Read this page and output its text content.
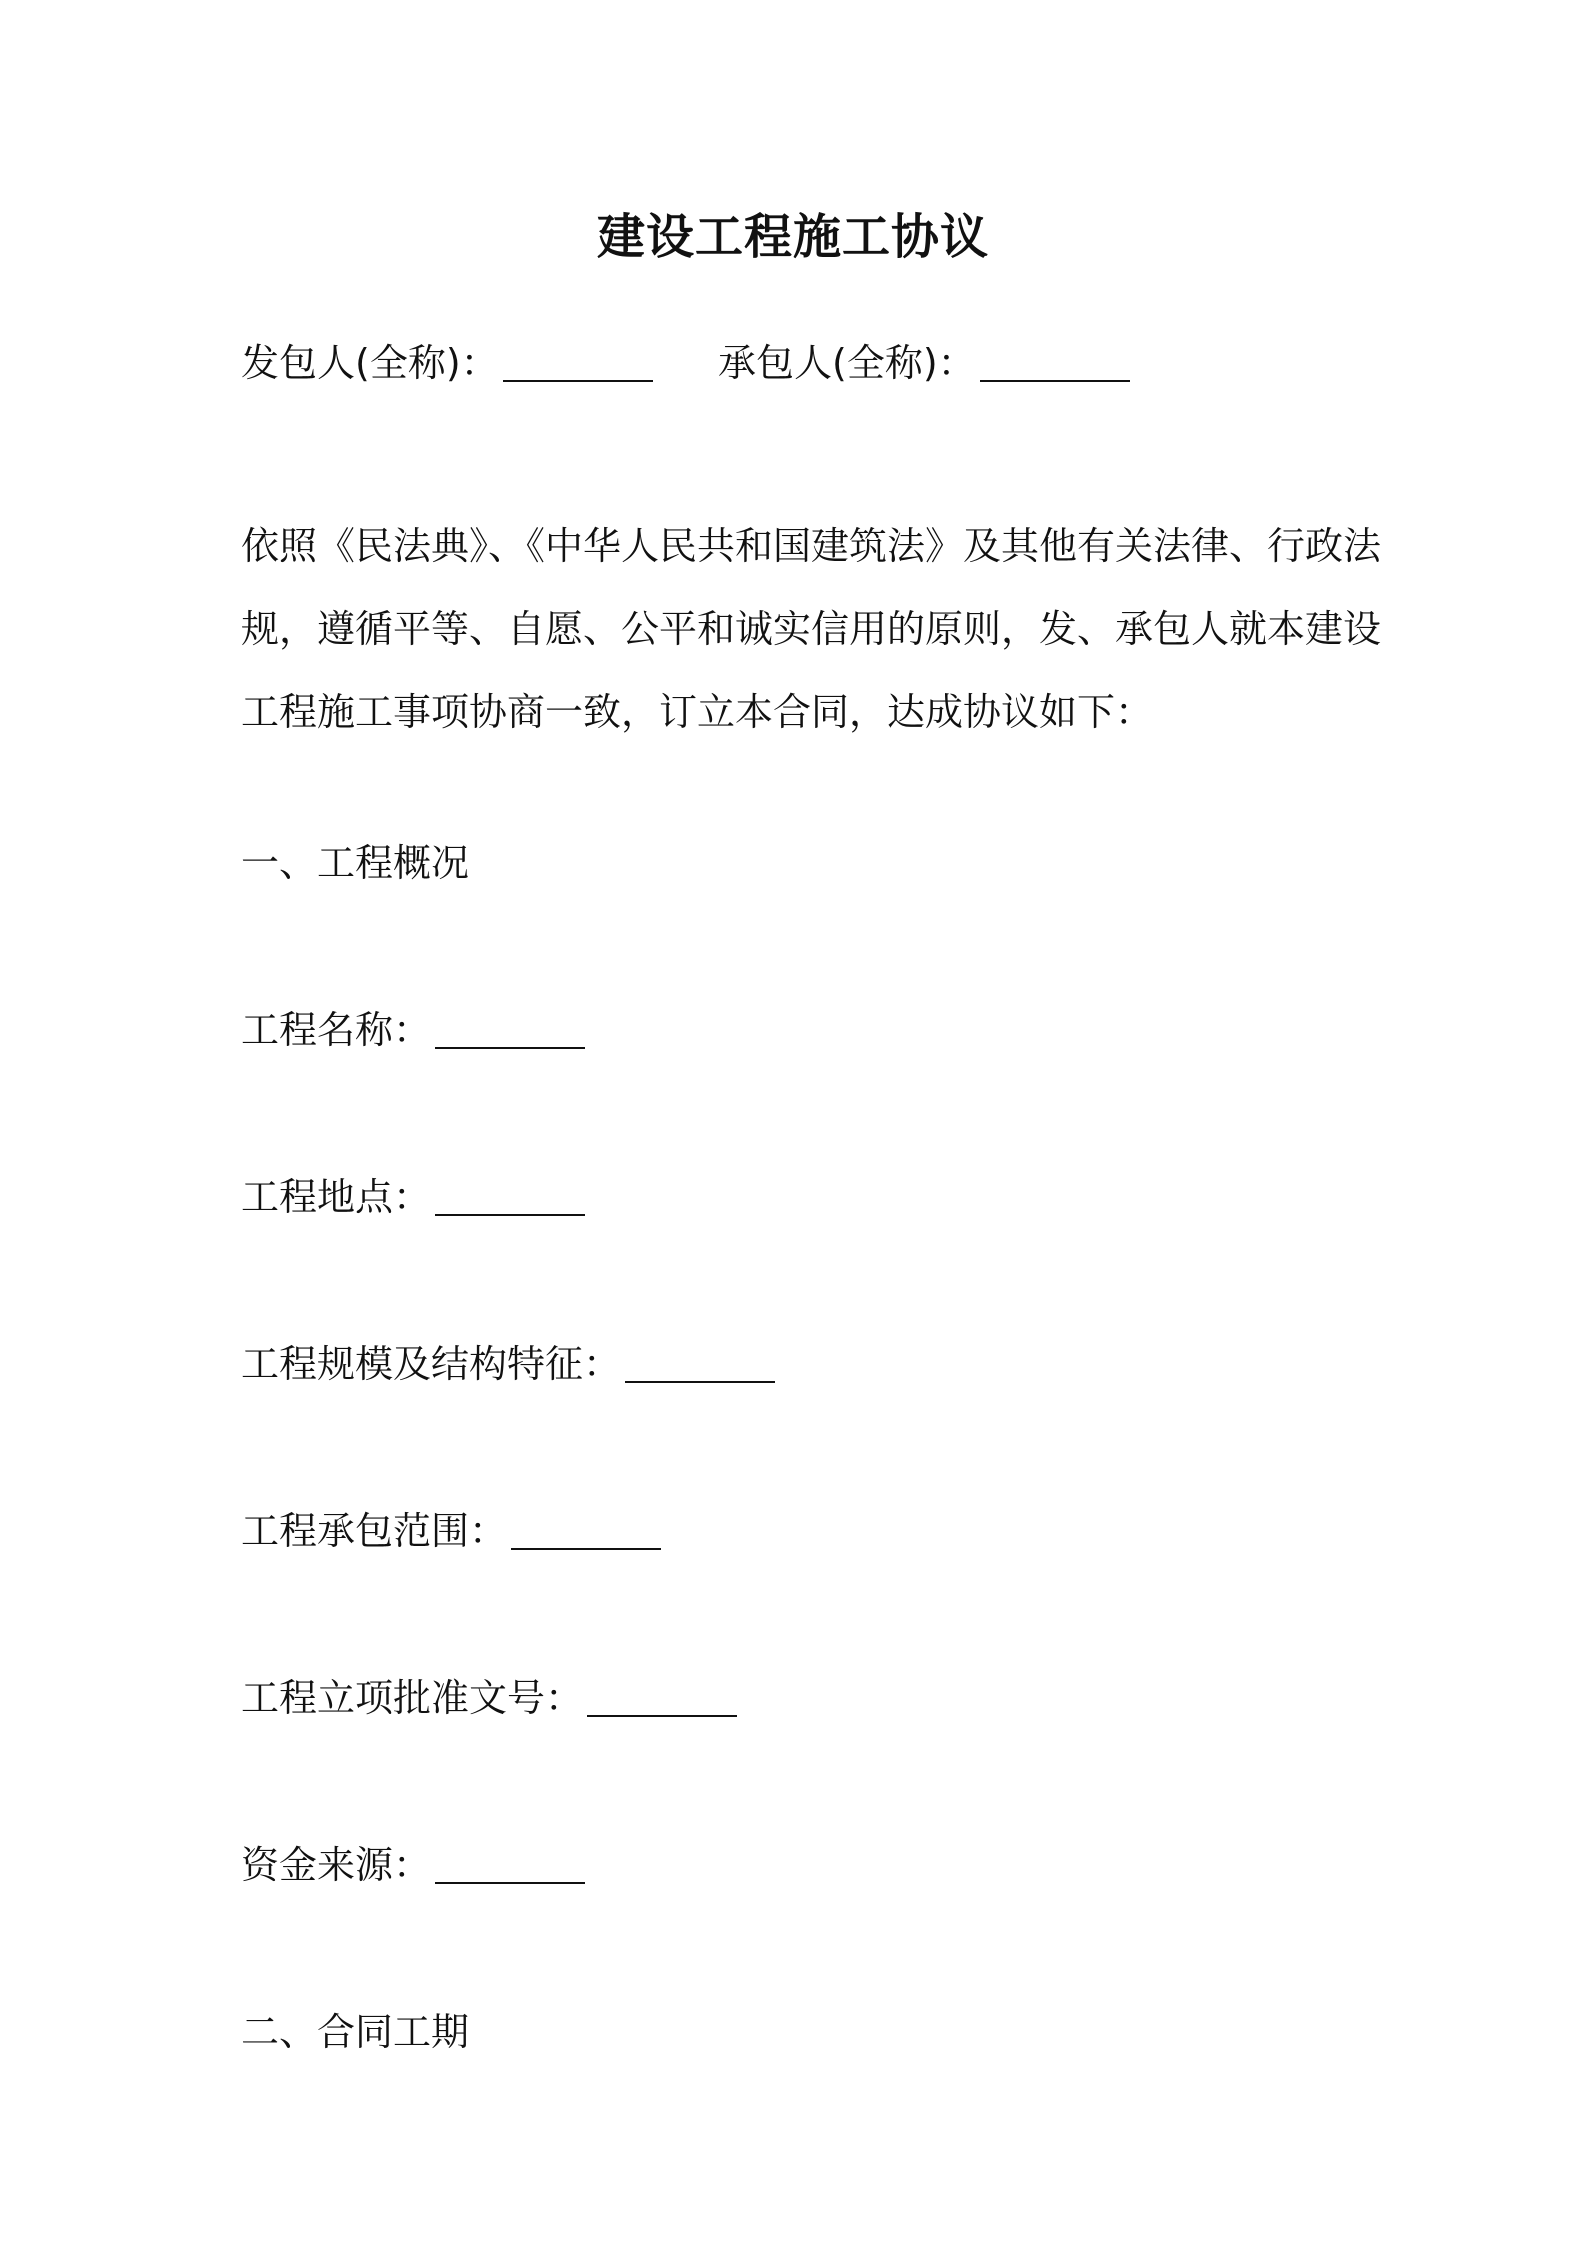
建设工程施工协议
发包人(全称)：	承包人(全称)：
依照《民法典》、《中华人民共和国建筑法》及其他有关法律、行政法
规，遵循平等、自愿、公平和诚实信用的原则，发、承包人就本建设
工程施工事项协商一致，订立本合同，达成协议如下：
一、工程概况
工程名称：
工程地点：
工程规模及结构特征：
工程承包范围：
工程立项批准文号：
资金来源：
二、合同工期
